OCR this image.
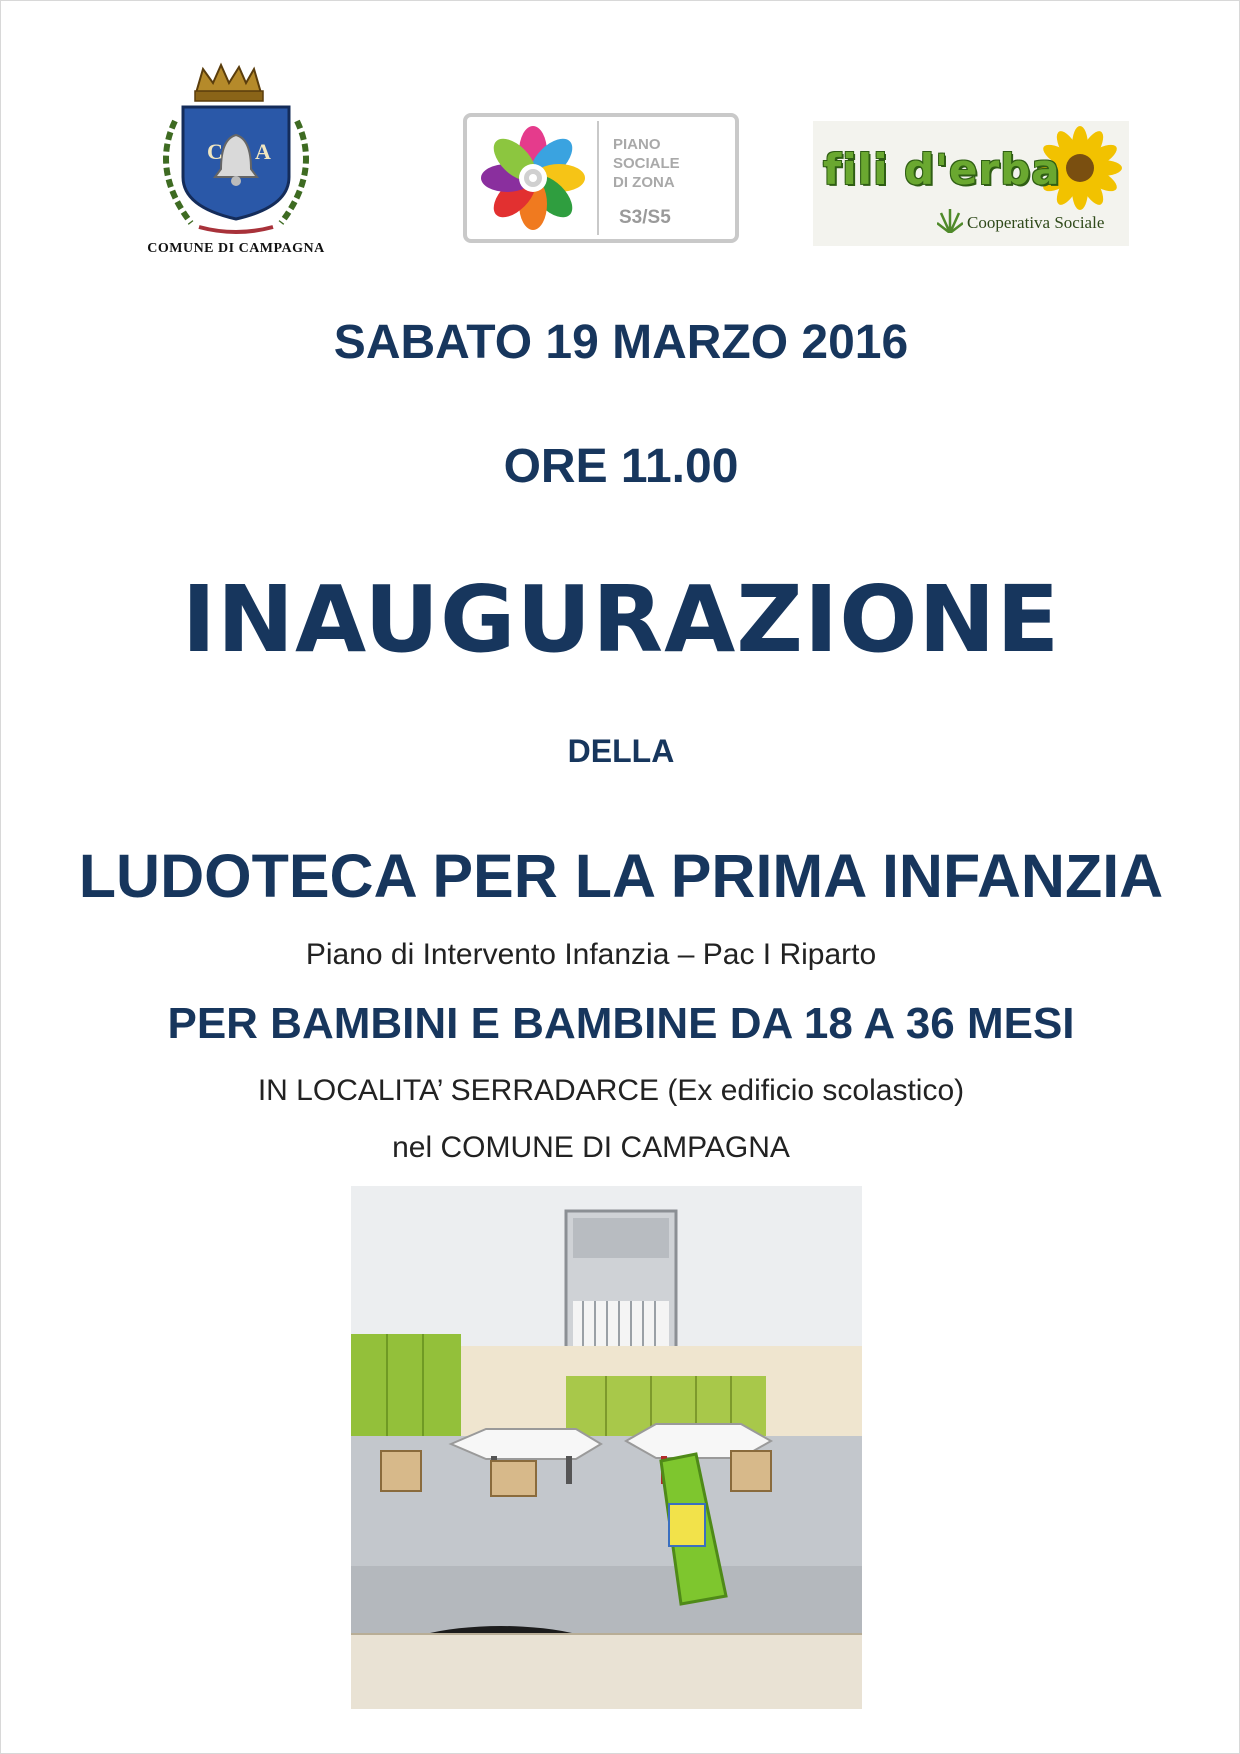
C A
COMUNE DI CAMPAGNA
PIANO
SOCIALE
DI ZONA
S3/S5
fili d'erba
Cooperativa Sociale
SABATO 19 MARZO 2016
ORE 11.00
INAUGURAZIONE
DELLA
LUDOTECA PER LA PRIMA INFANZIA
Piano di Intervento Infanzia – Pac I Riparto
PER BAMBINI E BAMBINE DA 18 A 36 MESI
IN LOCALITA’ SERRADARCE (Ex edificio scolastico)
nel COMUNE DI CAMPAGNA
